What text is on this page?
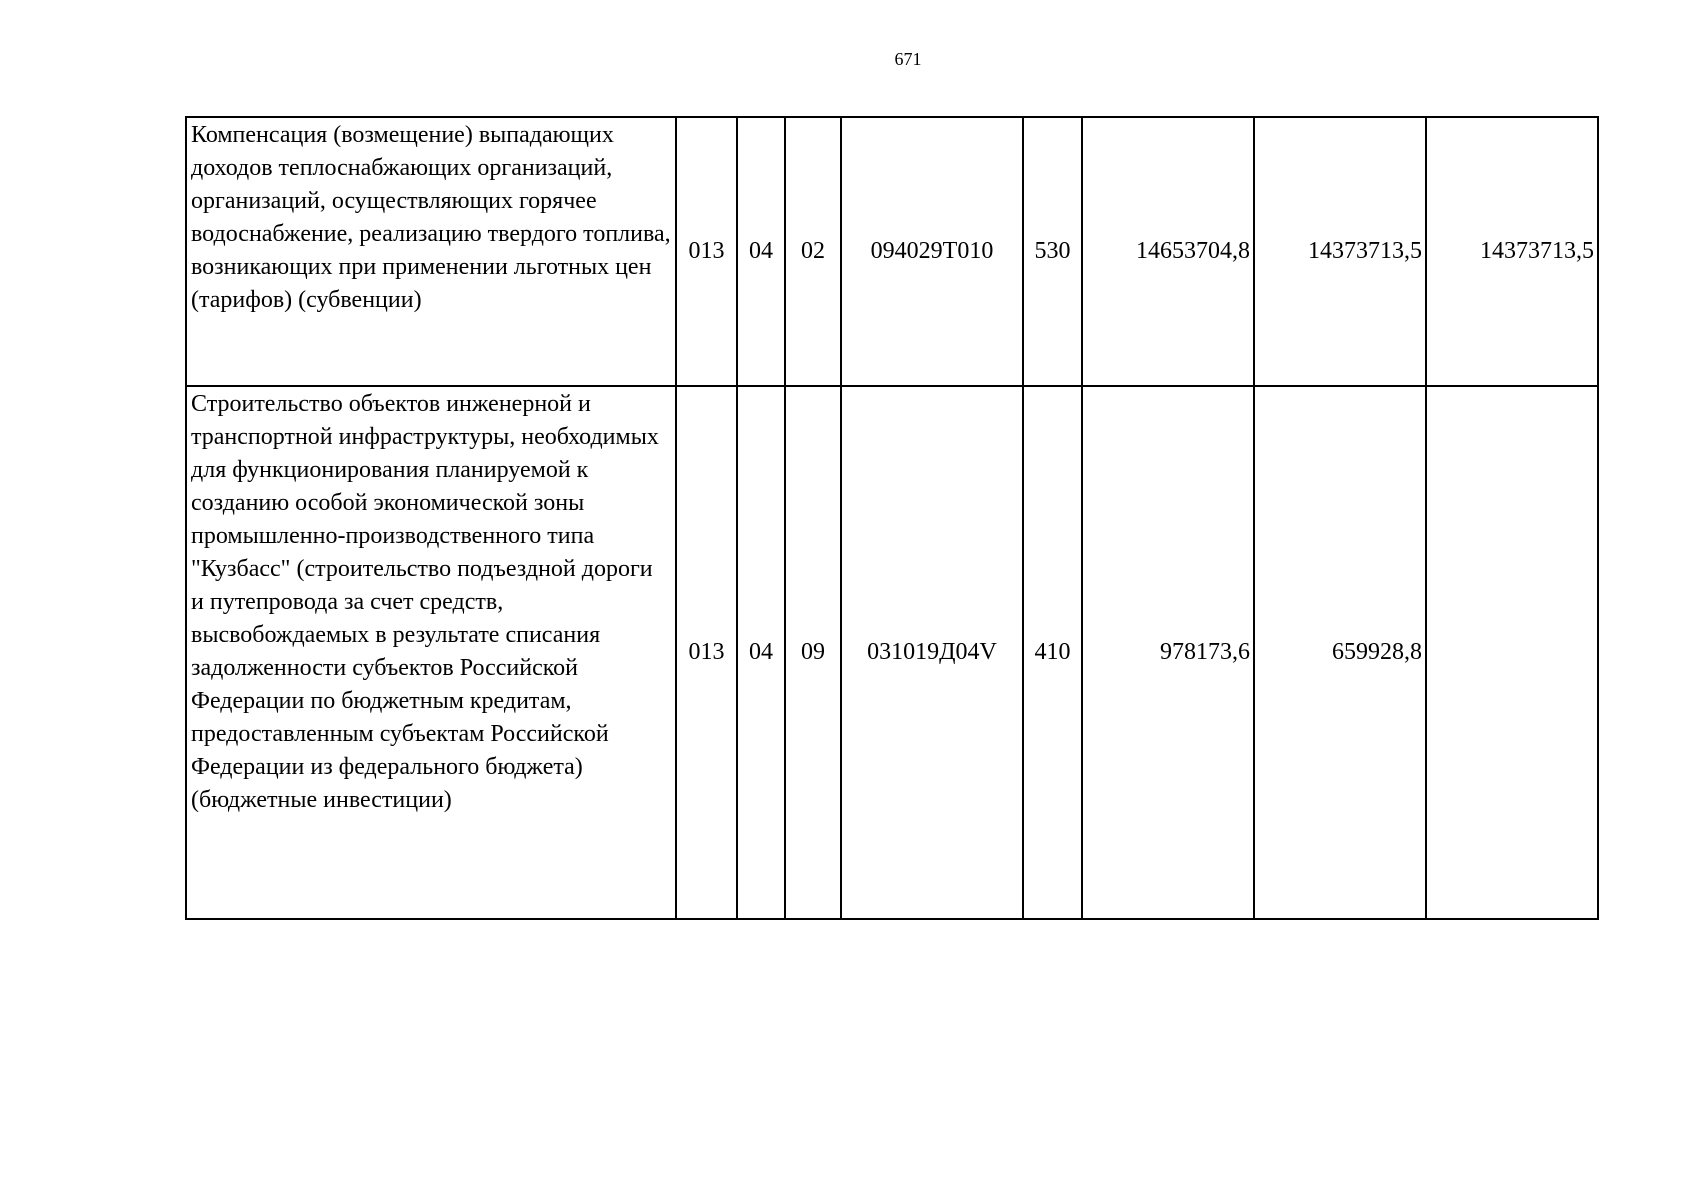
671
Компенсация (возмещение) выпадающих доходов теплоснабжающих организаций, организаций, осуществляющих горячее водоснабжение, реализацию твердого топлива, возникающих при применении льготных цен (тарифов) (субвенции)	013	04	02	094029Т010	530	14653704,8	14373713,5	14373713,5
Строительство объектов инженерной и транспортной инфраструктуры, необходимых для функционирования планируемой к созданию особой экономической зоны промышленно-производственного типа "Кузбасс" (строительство подъездной дороги и путепровода за счет средств, высвобождаемых в результате списания задолженности субъектов Российской Федерации по бюджетным кредитам, предоставленным субъектам Российской Федерации из федерального бюджета) (бюджетные инвестиции)	013	04	09	031019Д04V	410	978173,6	659928,8	
